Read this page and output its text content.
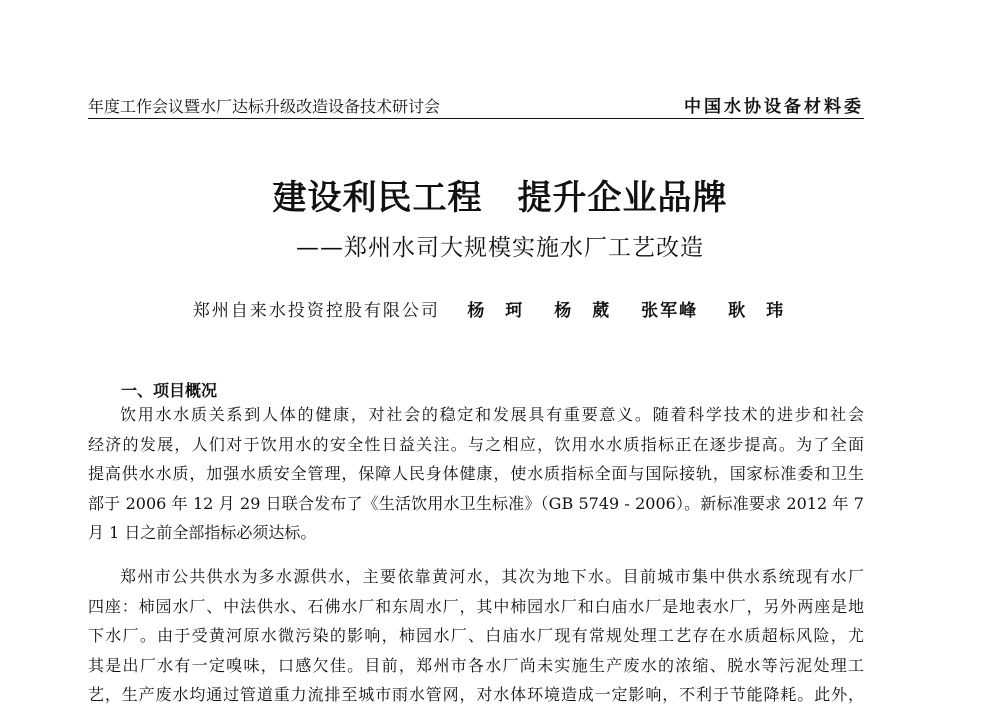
年度工作会议暨水厂达标升级改造设备技术研讨会	中国水协设备材料委
建设利民工程　 提升企业品牌
——郑州水司大规模实施水厂工艺改造
郑州自来水投资控股有限公司 杨　珂 杨　葳 张军峰 耿　玮
一、项目概况
饮用水水质关系到人体的健康，对社会的稳定和发展具有重要意义。随着科学技术的进步和社会
经济的发展，人们对于饮用水的安全性日益关注。与之相应，饮用水水质指标正在逐步提高。为了全面
提高供水水质，加强水质安全管理，保障人民身体健康，使水质指标全面与国际接轨，国家标准委和卫生
部于 2006 年 12 月 29 日联合发布了《生活饮用水卫生标准》（GB 5749 - 2006）。新标准要求 2012 年 7
月 1 日之前全部指标必须达标。
郑州市公共供水为多水源供水，主要依靠黄河水，其次为地下水。目前城市集中供水系统现有水厂
四座：柿园水厂、中法供水、石佛水厂和东周水厂，其中柿园水厂和白庙水厂是地表水厂，另外两座是地
下水厂。由于受黄河原水微污染的影响，柿园水厂、白庙水厂现有常规处理工艺存在水质超标风险，尤
其是出厂水有一定嗅味，口感欠佳。目前，郑州市各水厂尚未实施生产废水的浓缩、脱水等污泥处理工
艺，生产废水均通过管道重力流排至城市雨水管网，对水体环境造成一定影响，不利于节能降耗。此外，
